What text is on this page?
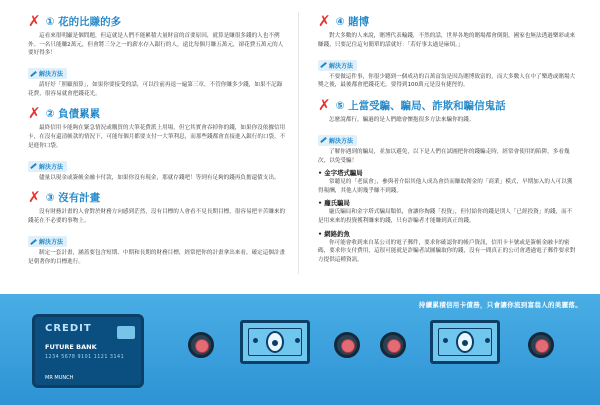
✗ ① 花的比賺的多

這看來很明顯是個問題，但這就是人們不能累積大量財富的首要原因，就算是賺很多錢的人也不例外。一名只能賺2萬元，但會將三分之一的薪水存入銀行的人，遠比每個月賺五萬元，卻花費五萬元的人要好得多！

解決方法

請好好「照顧預算」，如果你要接受的話，可以往前再退一遍第三章，不管你賺多少錢，如果不記錄花費，很容易就會把錢花光。

✗ ② 負債累累

最終信用卡能夠在緊急情況或購買的大筆花費派上用場，但它其實會吞掉你的錢，如果你沒依據信用卡，在沒有還清帳款的情況下，可能每個月都要支付一大筆利息，而那些錢都會直接進入銀行的口袋，不是進你口袋。

解決方法

儘量以現金或簽帳金融卡付款，如果你沒有現金，那就存錢吧！等到有足夠的錢再負擔還債支出。

✗ ③ 沒有計畫

沒有財務計畫的人會對於財務方向感到茫然，沒有目標的人會看不見長期目標，很容易把辛苦賺來的錢花在不必要的事物上。

解決方法

制定一套計畫，涵蓋要包含短期、中期和長期的財務目標，經常把你的計畫拿出來看，確定這個計畫是朝著你的目標進行。

✗ ④ 賭博

對大多數的人來說，賭博代表輸錢，不然的話，世界各地的賭場都會倒閉，國家也無法透過樂彩或來賺錢，只要記住這句簡單的話就好：「若好事太過是麻煩。」

解決方法

不要做這件事，你很少聽到一個成功的百萬富翁是因為賭博致富的，而大多數人在中了樂透或賭場大獎之後，最後都會把錢花光，要得到100萬元是沒有捷徑的。

✗ ⑤ 上當受騙、騙局、詐欺和騙信鬼話

怎麼說都行，騙過的是人們總會懷抱很多方法來騙你的錢。

解決方法

了解你遇到的騙局，並加以避免，以下是人們在試圖把你的錢騙走時，經常會使用的陷阱，多看幾次，以免受騙！

• 金字塔式騙局

常聽見的「老鼠會」，參與者介紹其他人成為會員而賺取佣金的「商業」模式，早期加入的人可以獲得報酬，其他人則幾乎賺不到錢。

• 龐氏騙局

龐氏騙局和金字塔式騙局類似，會讓你掏錢「投資」，但付給你的錢是別人「已經投資」的錢，而不是用來來的投資獲利賺來的錢，只有詐騙者才能賺到真正的錢。

• 網路釣魚

你可能會收到來自某公司的電子郵件，要求你確認你的帳戶資訊，信用卡卡號或是簽帳金融卡的密碼，要求你支付費用，這很可能就是詐騙者試圖騙取你的錢，沒有一間真正的公司會透過電子郵件要求對方提供這種資訊。

持續累積信用卡債務，只會讓你流到富翁人的美麗落。
CREDIT
FUTURE BANK
1234 5678 9101 1121 3141
MR MUNCH
